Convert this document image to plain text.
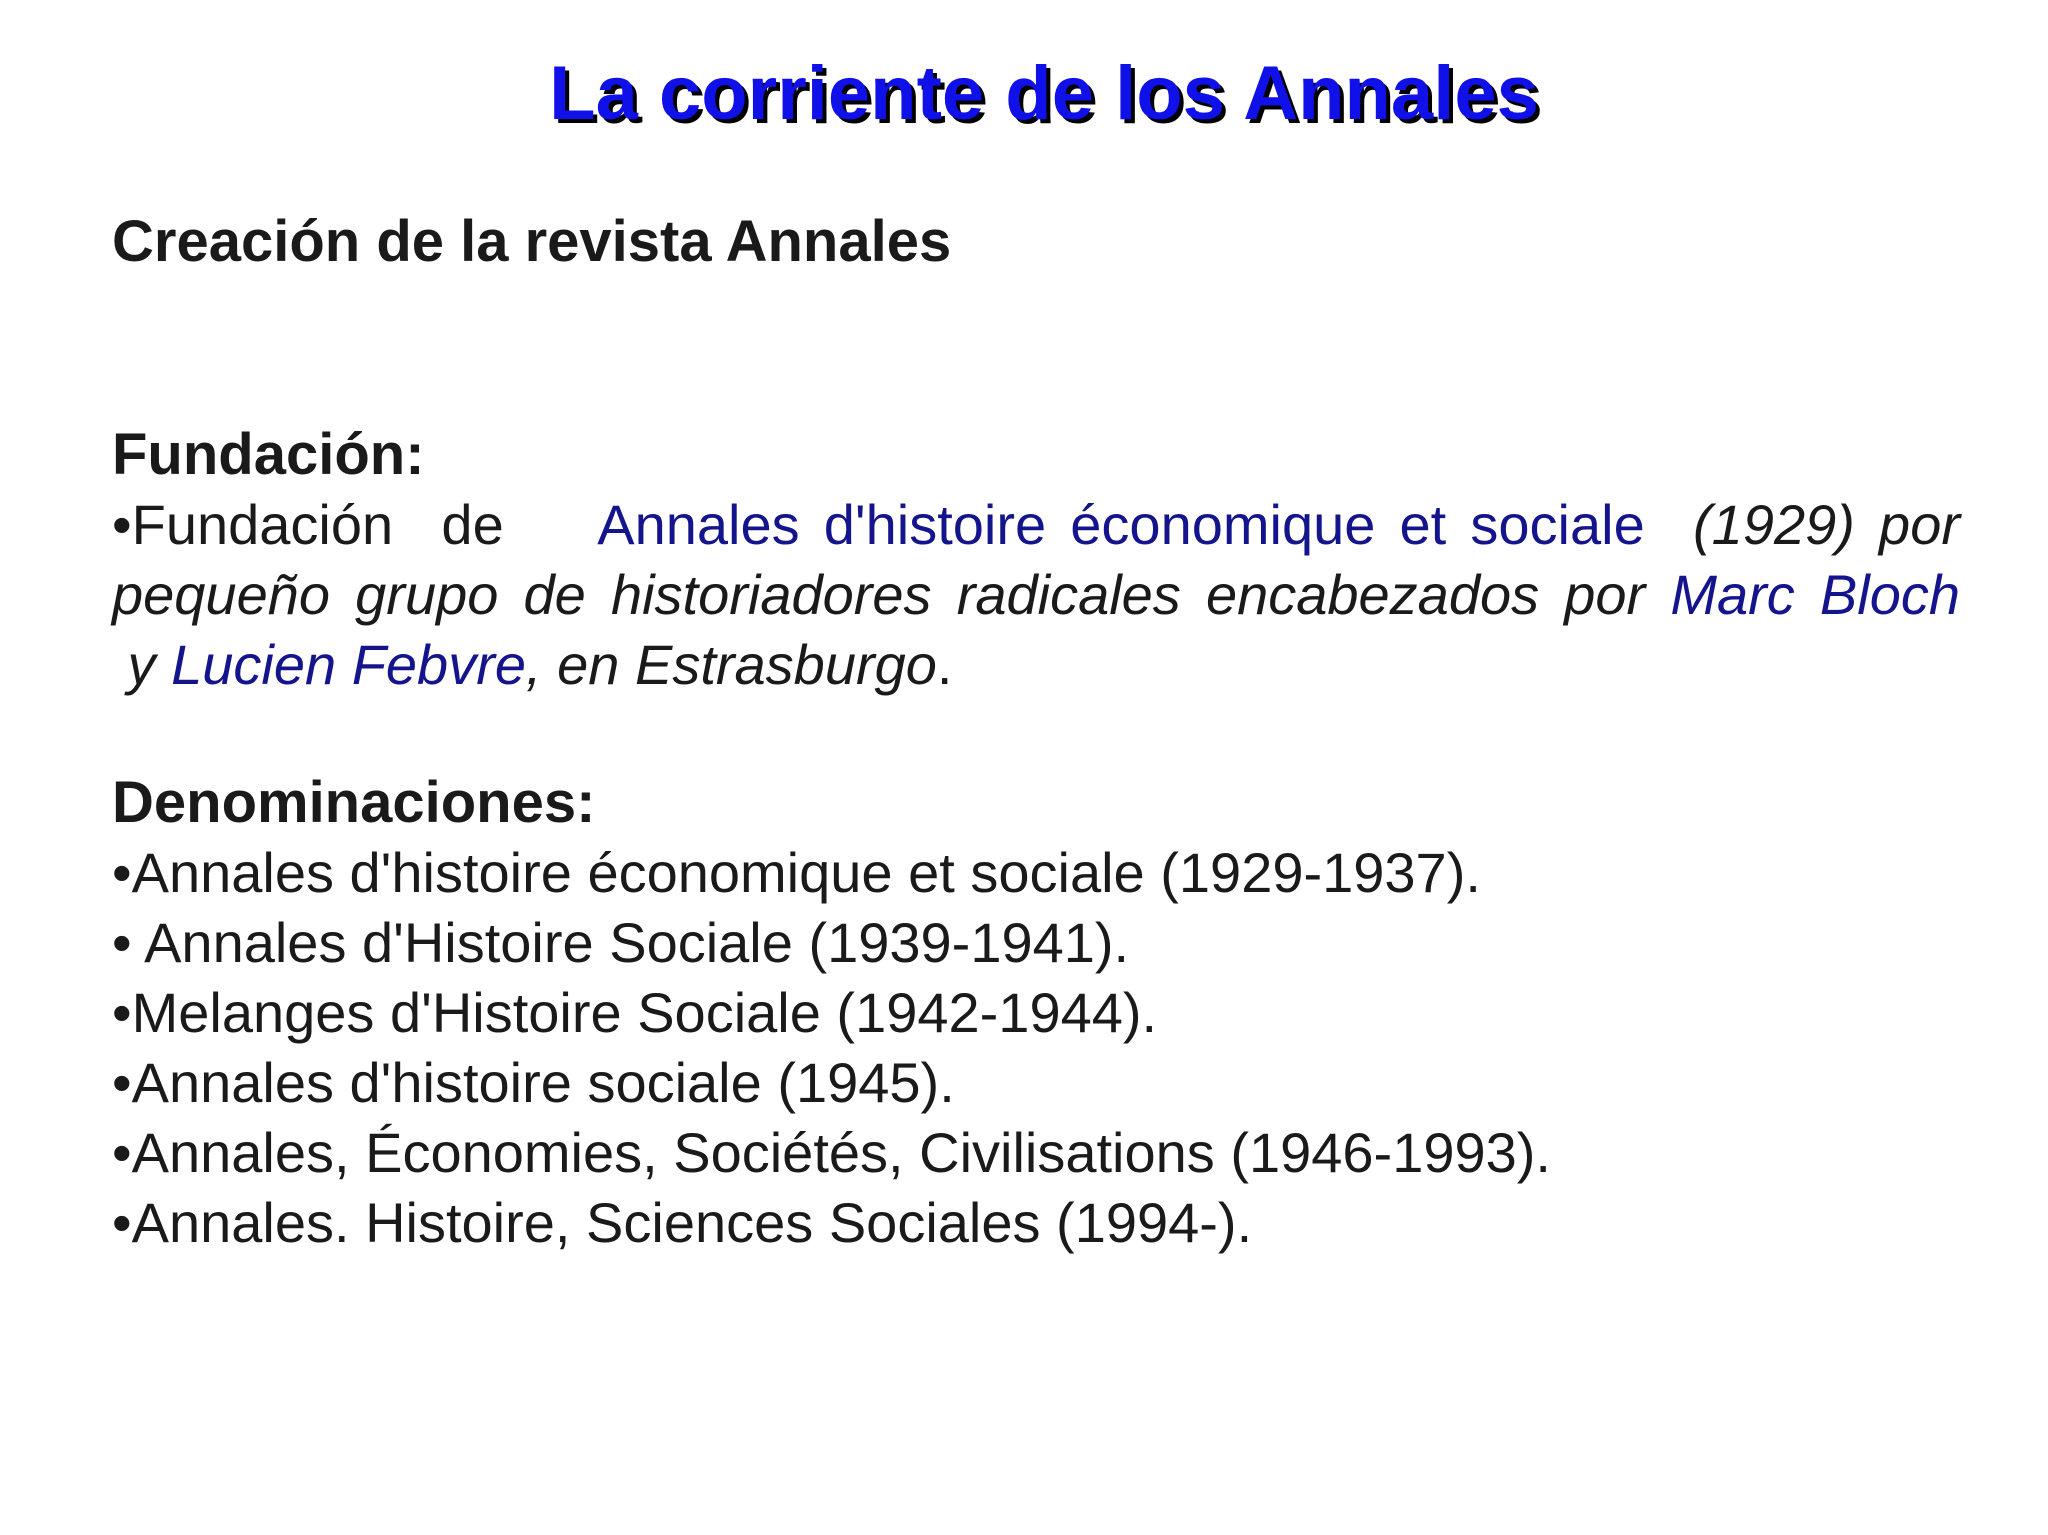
La corriente de los Annales
Creación de la revista Annales
Fundación:
•Fundación  de    Annales d'histoire économique et sociale  (1929) por pequeño grupo de historiadores radicales encabezados por Marc Bloch y Lucien Febvre, en Estrasburgo.
Denominaciones:
•Annales d'histoire économique et sociale (1929-1937).
• Annales d'Histoire Sociale (1939-1941).
•Melanges d'Histoire Sociale (1942-1944).
•Annales d'histoire sociale (1945).
•Annales, Économies, Sociétés, Civilisations (1946-1993).
•Annales. Histoire, Sciences Sociales (1994-).
